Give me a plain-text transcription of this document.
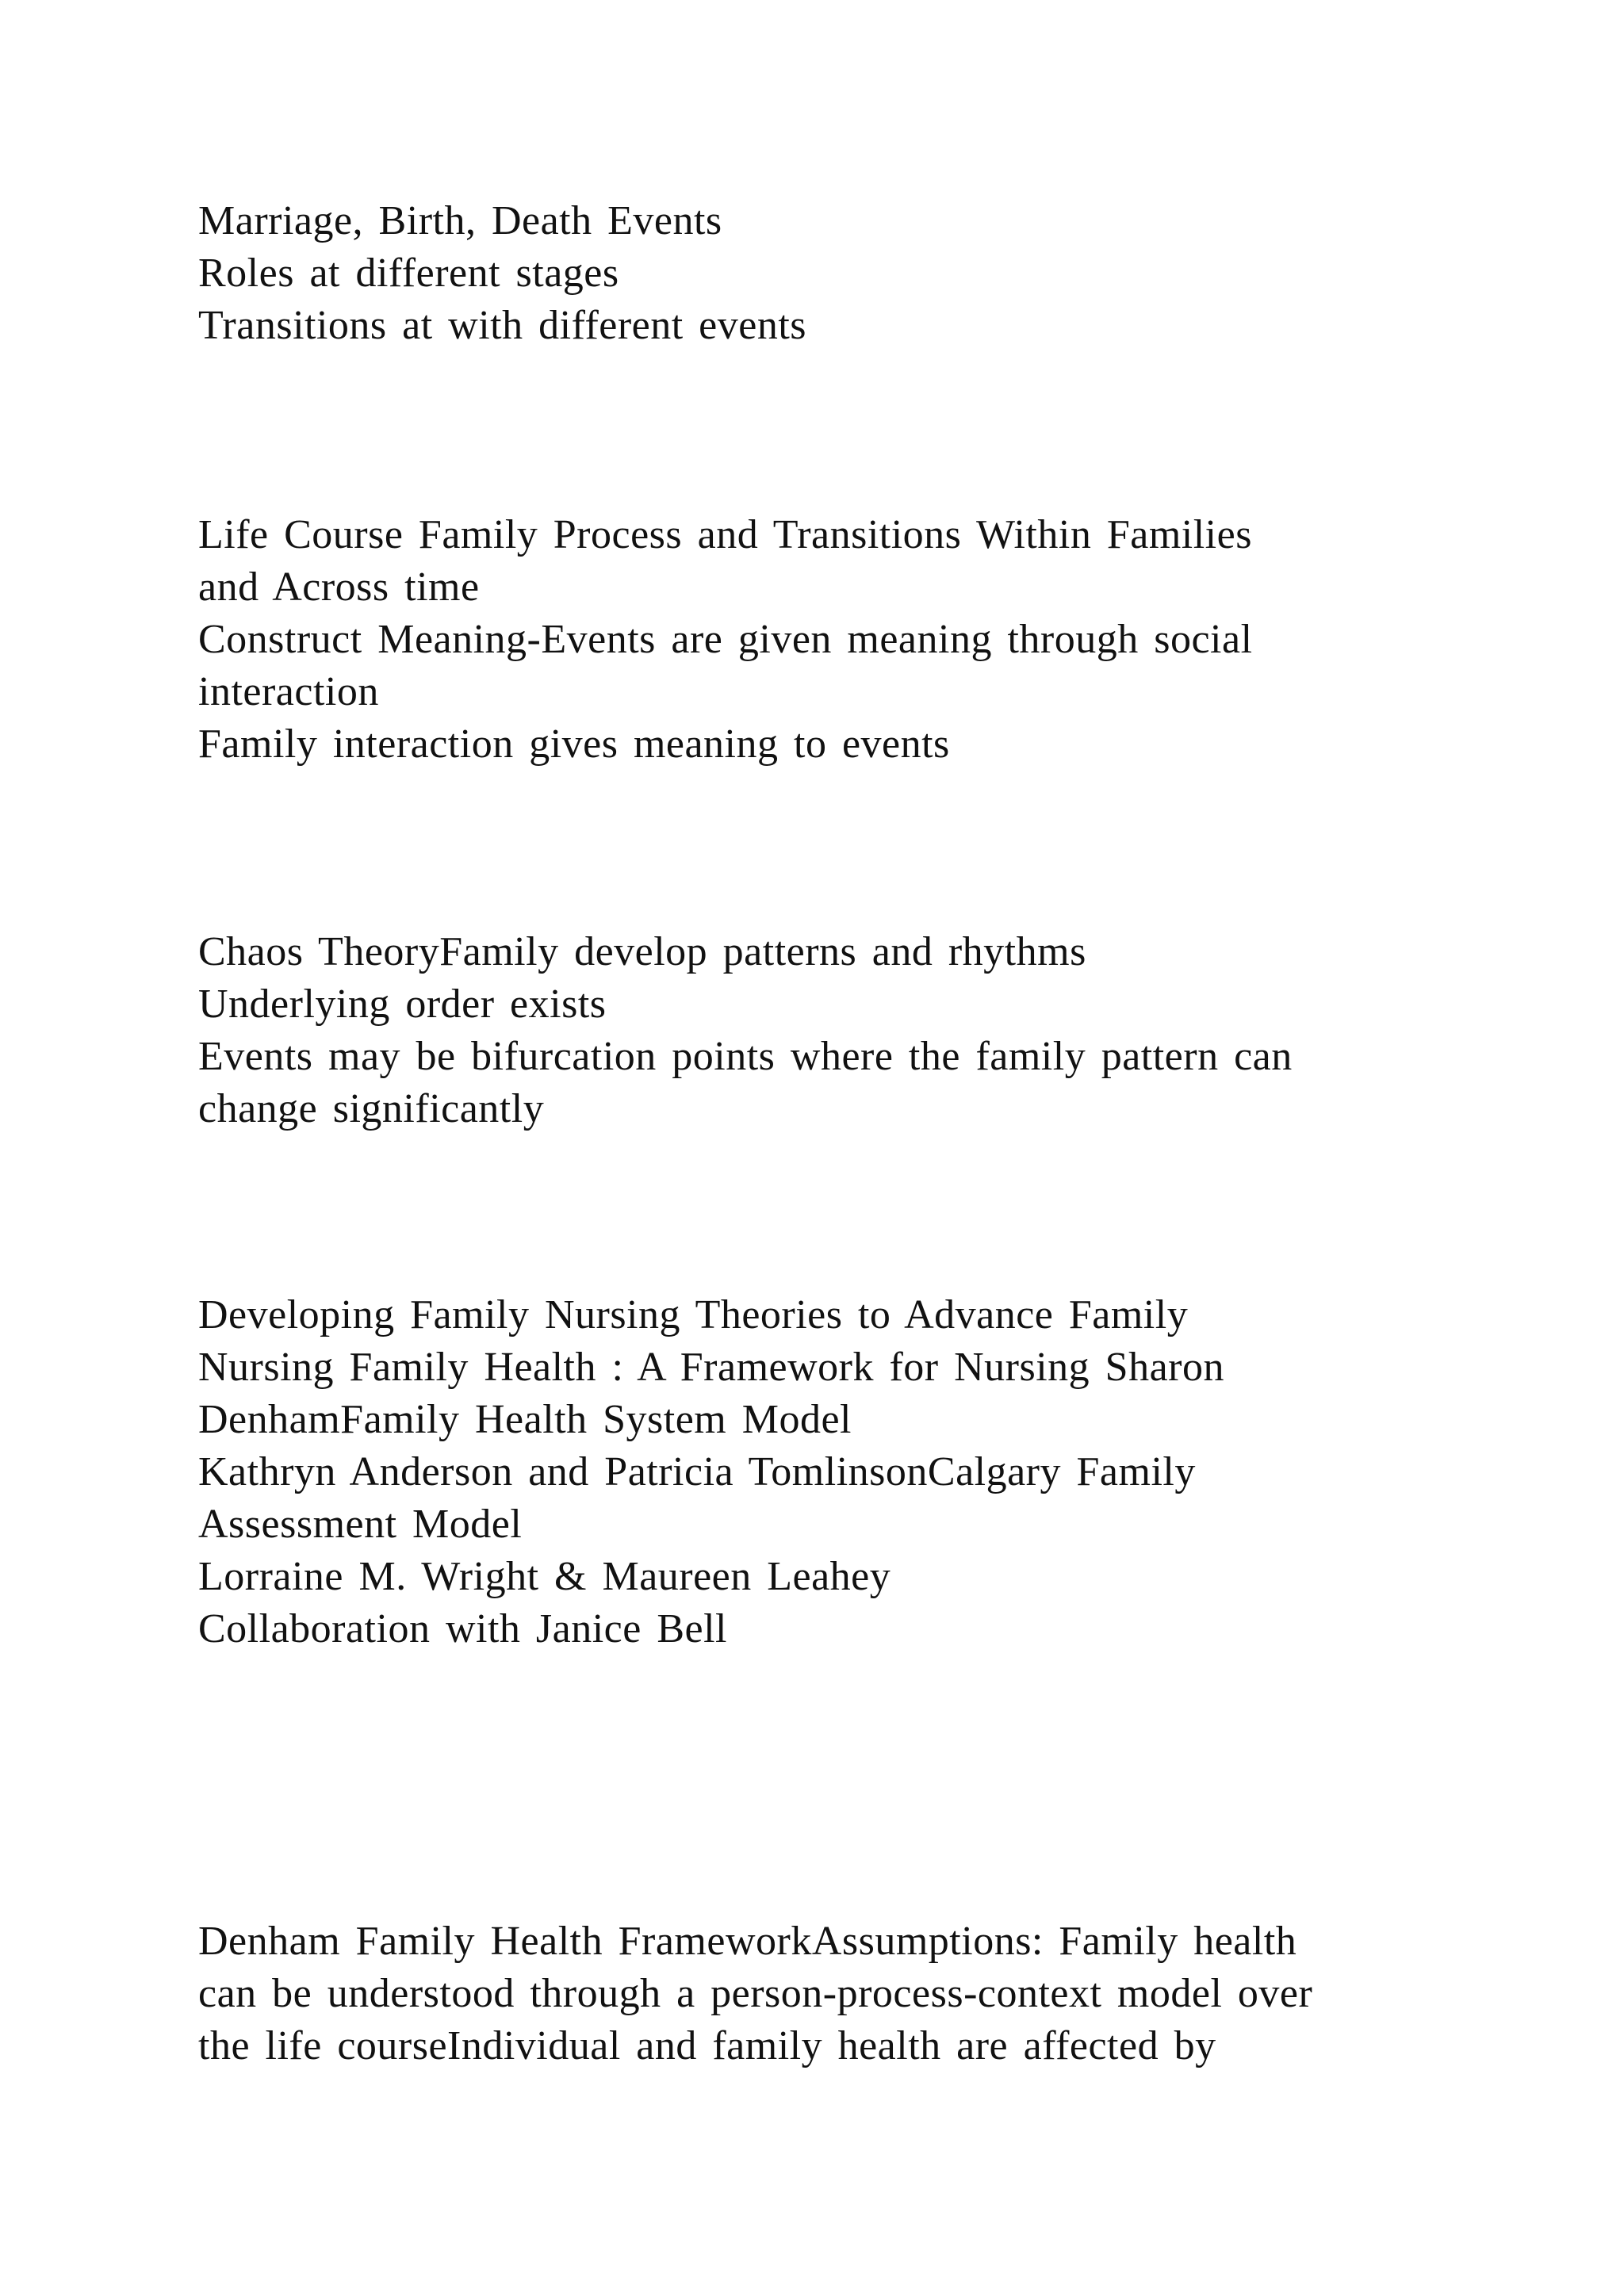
Marriage, Birth, Death Events
Roles at different stages
Transitions at with different events
Life Course Family Process and Transitions Within Families
and Across time
Construct Meaning-Events are given meaning through social
interaction
Family interaction gives meaning to events
Chaos TheoryFamily develop patterns and rhythms
Underlying order exists
Events may be bifurcation points where the family pattern can
change significantly
Developing Family Nursing Theories to Advance Family
Nursing Family Health : A Framework for Nursing Sharon
DenhamFamily Health System Model
Kathryn Anderson and Patricia TomlinsonCalgary Family
Assessment Model
Lorraine M. Wright & Maureen Leahey
Collaboration with Janice Bell
Denham Family Health FrameworkAssumptions: Family health
can be understood through a person-process-context model over
the life courseIndividual and family health are affected by
